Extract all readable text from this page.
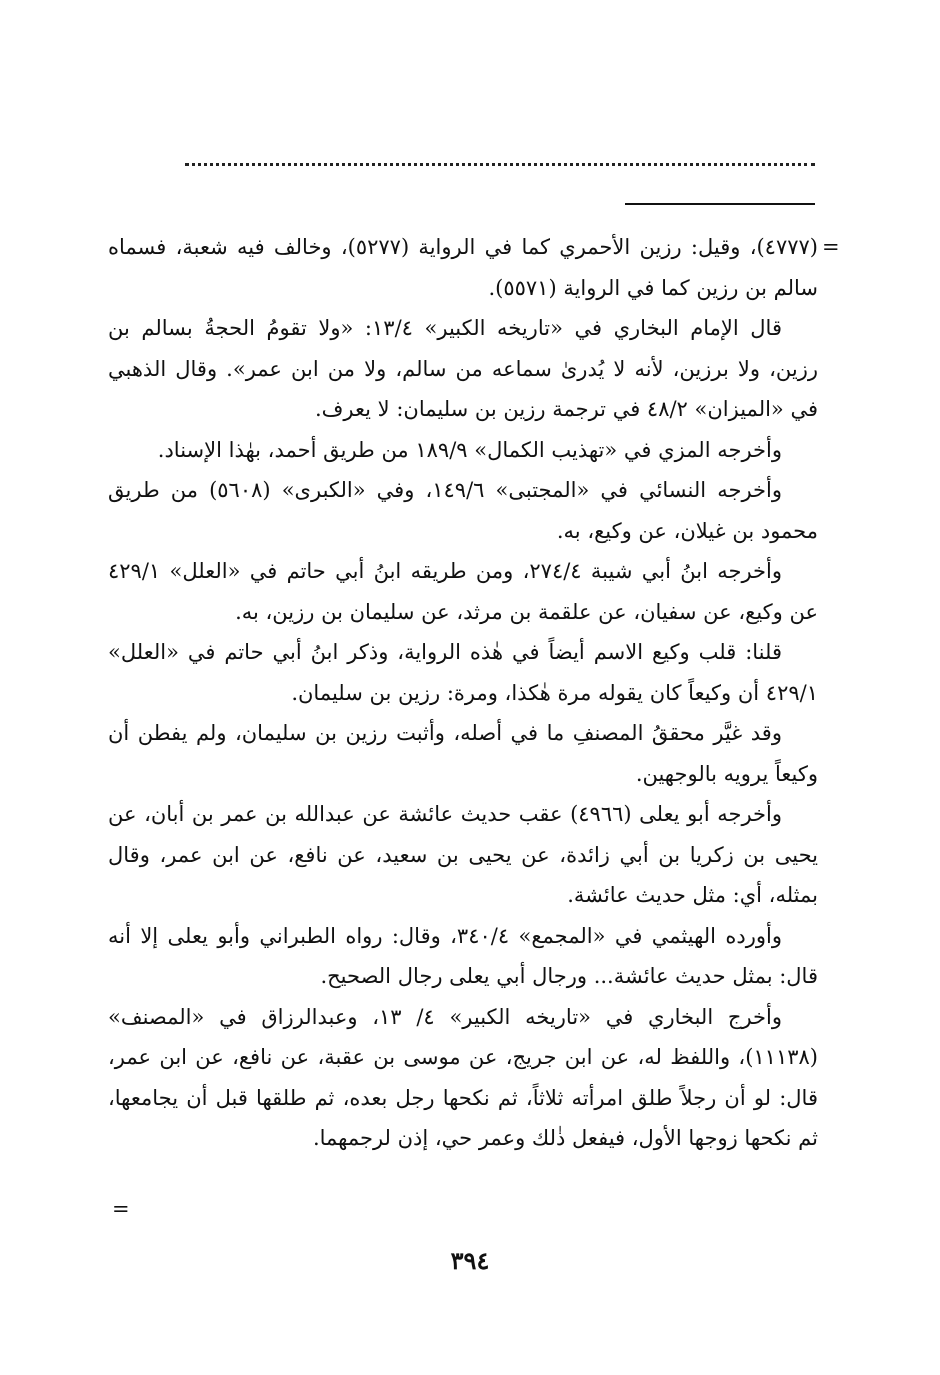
=

(٤٧٧٧)، وقيل: رزين الأحمري كما في الرواية (٥٢٧٧)، وخالف فيه شعبة، فسماه سالم بن رزين كما في الرواية (٥٥٧١).

قال الإمام البخاري في «تاريخه الكبير» ١٣/٤: «ولا تقومُ الحجةُ بسالم بن رزين، ولا برزين، لأنه لا يُدرىٰ سماعه من سالم، ولا من ابن عمر». وقال الذهبي في «الميزان» ٤٨/٢ في ترجمة رزين بن سليمان: لا يعرف.

وأخرجه المزي في «تهذيب الكمال» ١٨٩/٩ من طريق أحمد، بهٰذا الإسناد.

وأخرجه النسائي في «المجتبى» ١٤٩/٦، وفي «الكبرى» (٥٦٠٨) من طريق محمود بن غيلان، عن وكيع، به.

وأخرجه ابنُ أبي شيبة ٢٧٤/٤، ومن طريقه ابنُ أبي حاتم في «العلل» ٤٢٩/١ عن وكيع، عن سفيان، عن علقمة بن مرثد، عن سليمان بن رزين، به.

قلنا: قلب وكيع الاسم أيضاً في هٰذه الرواية، وذكر ابنُ أبي حاتم في «العلل» ٤٢٩/١ أن وكيعاً كان يقوله مرة هٰكذا، ومرة: رزين بن سليمان.

وقد غيَّر محققُ المصنفِ ما في أصله، وأثبت رزين بن سليمان، ولم يفطن أن وكيعاً يرويه بالوجهين.

وأخرجه أبو يعلى (٤٩٦٦) عقب حديث عائشة عن عبدالله بن عمر بن أبان، عن يحيى بن زكريا بن أبي زائدة، عن يحيى بن سعيد، عن نافع، عن ابن عمر، وقال بمثله، أي: مثل حديث عائشة.

وأورده الهيثمي في «المجمع» ٣٤٠/٤، وقال: رواه الطبراني وأبو يعلى إلا أنه قال: بمثل حديث عائشة... ورجال أبي يعلى رجال الصحيح.

وأخرج البخاري في «تاريخه الكبير» ٤/ ١٣، وعبدالرزاق في «المصنف» (١١١٣٨)، واللفظ له، عن ابن جريج، عن موسى بن عقبة، عن نافع، عن ابن عمر، قال: لو أن رجلاً طلق امرأته ثلاثاً، ثم نكحها رجل بعده، ثم طلقها قبل أن يجامعها، ثم نكحها زوجها الأول، فيفعل ذٰلك وعمر حي، إذن لرجمهما.

=
٣٩٤
